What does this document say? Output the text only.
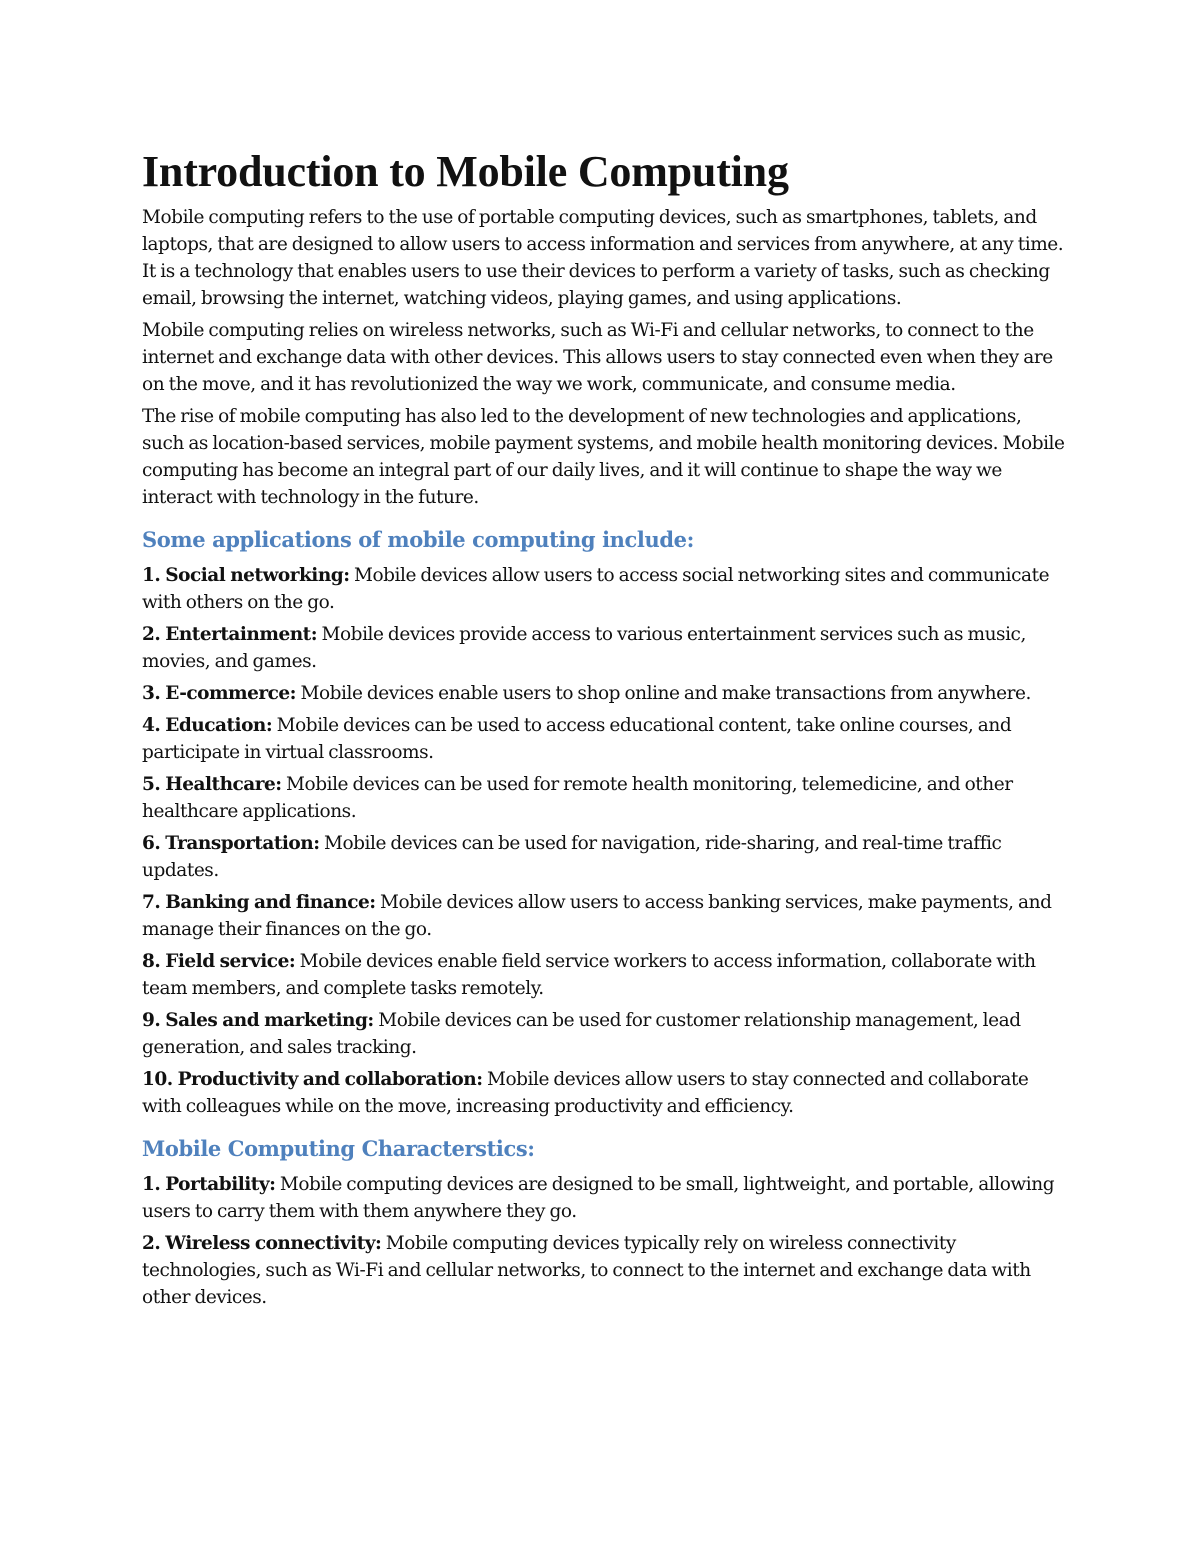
Introduction to Mobile Computing

Mobile computing refers to the use of portable computing devices, such as smartphones, tablets, and laptops, that are designed to allow users to access information and services from anywhere, at any time. It is a technology that enables users to use their devices to perform a variety of tasks, such as checking email, browsing the internet, watching videos, playing games, and using applications.

Mobile computing relies on wireless networks, such as Wi-Fi and cellular networks, to connect to the internet and exchange data with other devices. This allows users to stay connected even when they are on the move, and it has revolutionized the way we work, communicate, and consume media.

The rise of mobile computing has also led to the development of new technologies and applications, such as location-based services, mobile payment systems, and mobile health monitoring devices. Mobile computing has become an integral part of our daily lives, and it will continue to shape the way we interact with technology in the future.

Some applications of mobile computing include:

1. Social networking: Mobile devices allow users to access social networking sites and communicate with others on the go.

2. Entertainment: Mobile devices provide access to various entertainment services such as music, movies, and games.

3. E-commerce: Mobile devices enable users to shop online and make transactions from anywhere.

4. Education: Mobile devices can be used to access educational content, take online courses, and participate in virtual classrooms.

5. Healthcare: Mobile devices can be used for remote health monitoring, telemedicine, and other healthcare applications.

6. Transportation: Mobile devices can be used for navigation, ride-sharing, and real-time traffic updates.

7. Banking and finance: Mobile devices allow users to access banking services, make payments, and manage their finances on the go.

8. Field service: Mobile devices enable field service workers to access information, collaborate with team members, and complete tasks remotely.

9. Sales and marketing: Mobile devices can be used for customer relationship management, lead generation, and sales tracking.

10. Productivity and collaboration: Mobile devices allow users to stay connected and collaborate with colleagues while on the move, increasing productivity and efficiency.

Mobile Computing Characterstics:

1. Portability: Mobile computing devices are designed to be small, lightweight, and portable, allowing users to carry them with them anywhere they go.

2. Wireless connectivity: Mobile computing devices typically rely on wireless connectivity technologies, such as Wi-Fi and cellular networks, to connect to the internet and exchange data with other devices.
